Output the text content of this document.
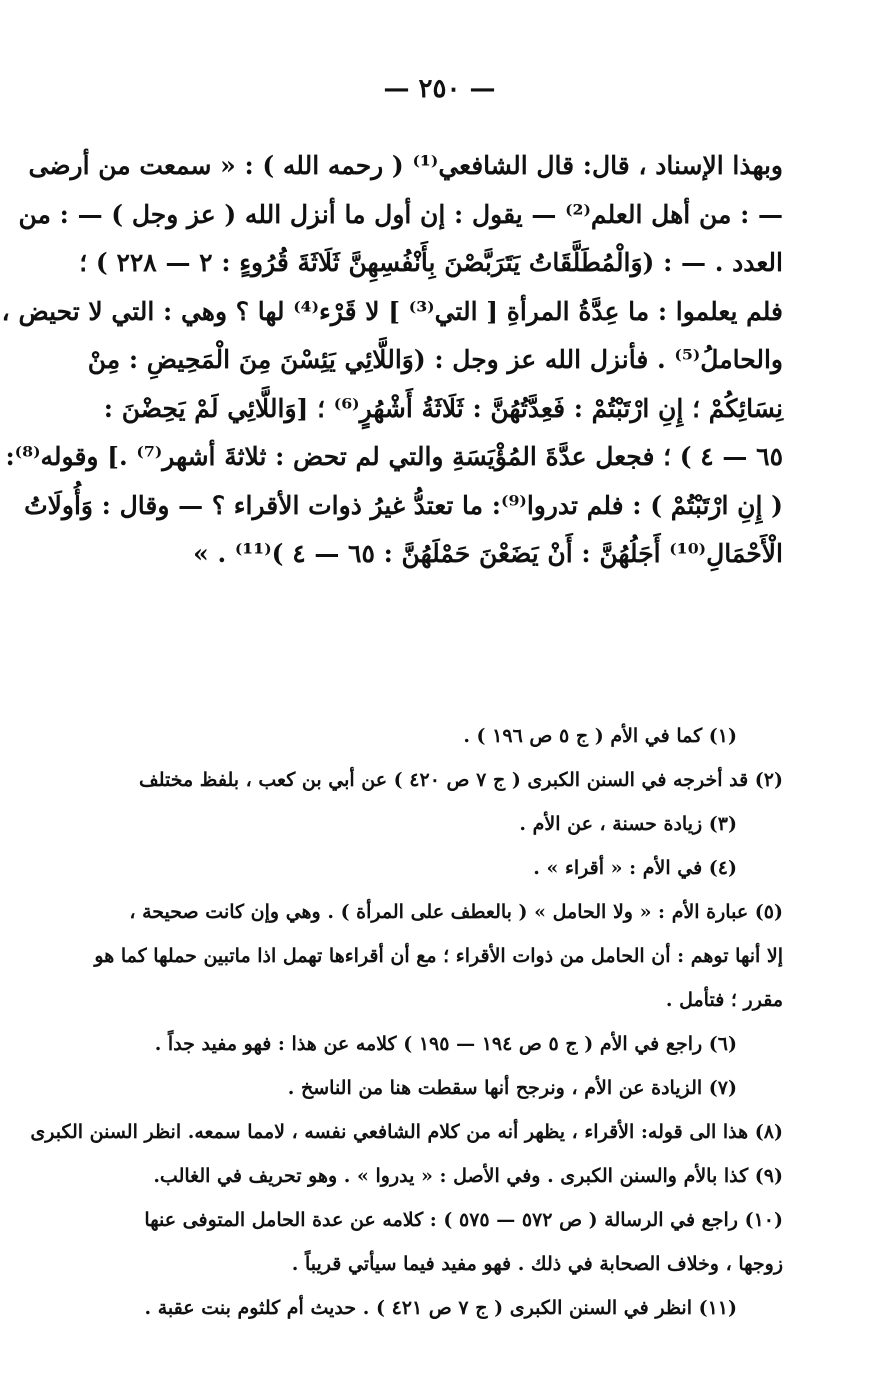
— ٢٥٠ —
وبهذا الإسناد ، قال: قال الشافعي⁽¹⁾ ( رحمه الله ) : « سمعت من أرضى
— : من أهل العلم⁽²⁾ — يقول : إن أول ما أنزل الله ( عز وجل ) — : من
العدد . — : (وَالْمُطَلَّقَاتُ يَتَرَبَّصْنَ بِأَنْفُسِهِنَّ ثَلَاثَةَ قُرُوءٍ : ٢ — ٢٢٨ ) ؛
فلم يعلموا : ما عِدَّةُ المرأةِ [ التي⁽³⁾ ] لا قَرْء⁽⁴⁾ لها ؟ وهي : التي لا تحيض ،
والحاملُ⁽⁵⁾ . فأنزل الله عز وجل : (وَاللَّائِي يَئِسْنَ مِنَ الْمَحِيضِ : مِنْ
نِسَائِكُمْ ؛ إِنِ ارْتَبْتُمْ : فَعِدَّتُهُنَّ : ثَلَاثَةُ أَشْهُرٍ⁽⁶⁾ ؛ [وَاللَّائِي لَمْ يَحِضْنَ :
٦٥ — ٤ ) ؛ فجعل عدَّةَ المُؤْيَسَةِ والتي لم تحض : ثلاثةَ أشهر⁽⁷⁾ .] وقوله⁽⁸⁾:
( إِنِ ارْتَبْتُمْ ) : فلم تدروا⁽⁹⁾: ما تعتدُّ غيرُ ذوات الأقراء ؟ — وقال : وَأُولَاتُ
الْأَحْمَالِ⁽¹⁰⁾ أَجَلُهُنَّ : أَنْ يَضَعْنَ حَمْلَهُنَّ : ٦٥ — ٤ )⁽¹¹⁾ . »
(١) كما في الأم ( ج ٥ ص ١٩٦ ) .
(٢) قد أخرجه في السنن الكبرى ( ج ٧ ص ٤٢٠ ) عن أبي بن كعب ، بلفظ مختلف
(٣) زيادة حسنة ، عن الأم .
(٤) في الأم : « أقراء » .
(٥) عبارة الأم : « ولا الحامل » ( بالعطف على المرأة ) . وهي وإن كانت صحيحة ،
إلا أنها توهم : أن الحامل من ذوات الأقراء ؛ مع أن أقراءها تهمل اذا ماتبين حملها كما هو
مقرر ؛ فتأمل .
(٦) راجع في الأم ( ج ٥ ص ١٩٤ — ١٩٥ ) كلامه عن هذا : فهو مفيد جداً .
(٧) الزيادة عن الأم ، ونرجح أنها سقطت هنا من الناسخ .
(٨) هذا الى قوله: الأقراء ، يظهر أنه من كلام الشافعي نفسه ، لامما سمعه. انظر السنن الكبرى
(٩) كذا بالأم والسنن الكبرى . وفي الأصل : « يدروا » . وهو تحريف في الغالب.
(١٠) راجع في الرسالة ( ص ٥٧٢ — ٥٧٥ ) : كلامه عن عدة الحامل المتوفى عنها
زوجها ، وخلاف الصحابة في ذلك . فهو مفيد فيما سيأتي قريباً .
(١١) انظر في السنن الكبرى ( ج ٧ ص ٤٢١ ) . حديث أم كلثوم بنت عقبة .
